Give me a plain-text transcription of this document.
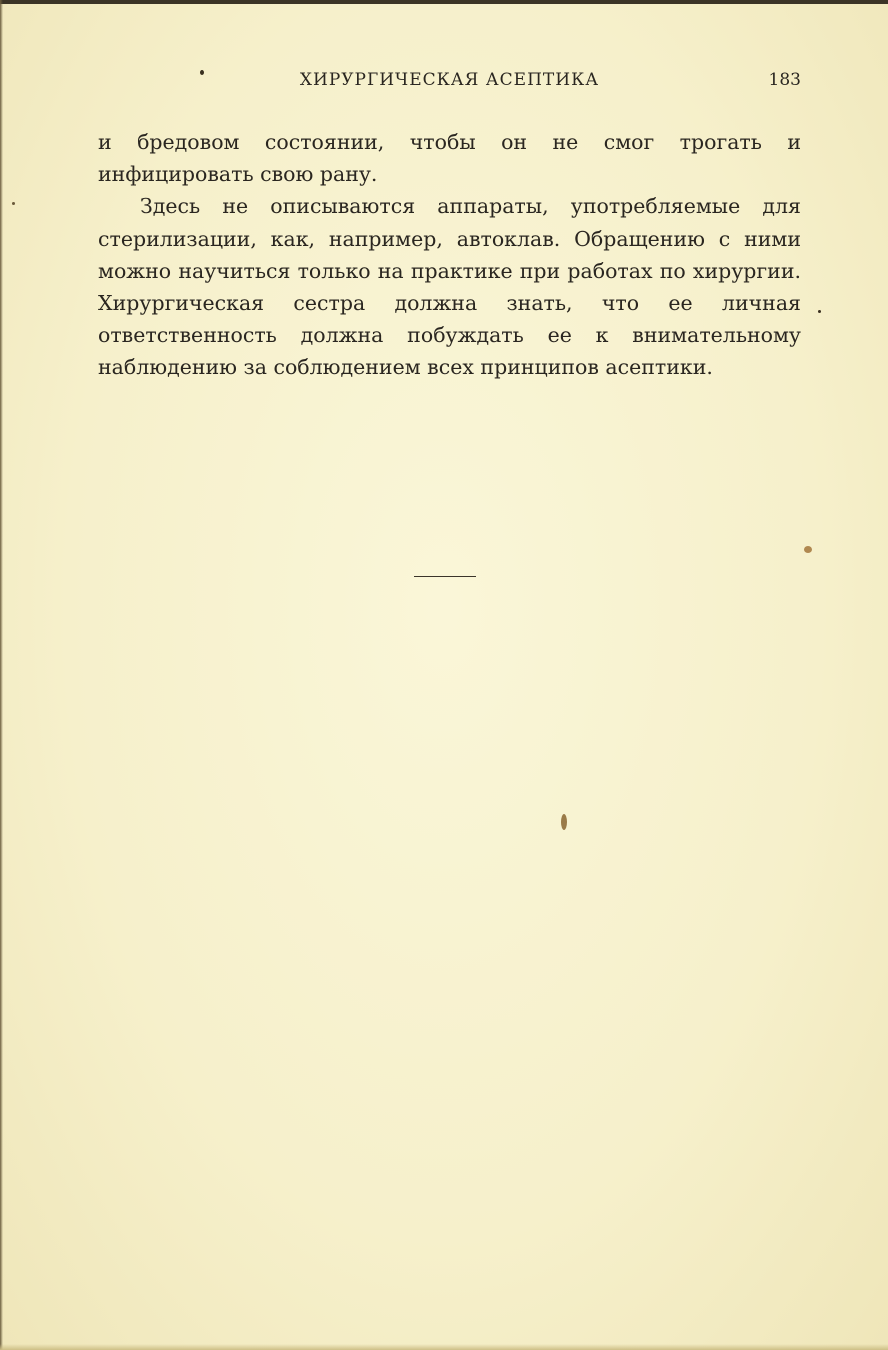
ХИРУРГИЧЕСКАЯ АСЕПТИКА	183

и бредовом состоянии, чтобы он не смог трогать и инфицировать свою рану.

Здесь не описываются аппараты, употребляемые для стерилизации, как, например, автоклав. Обращению с ними можно научиться только на практике при работах по хирургии. Хирургическая сестра должна знать, что ее личная ответственность должна побуждать ее к внимательному наблюдению за соблюдением всех принципов асептики.
